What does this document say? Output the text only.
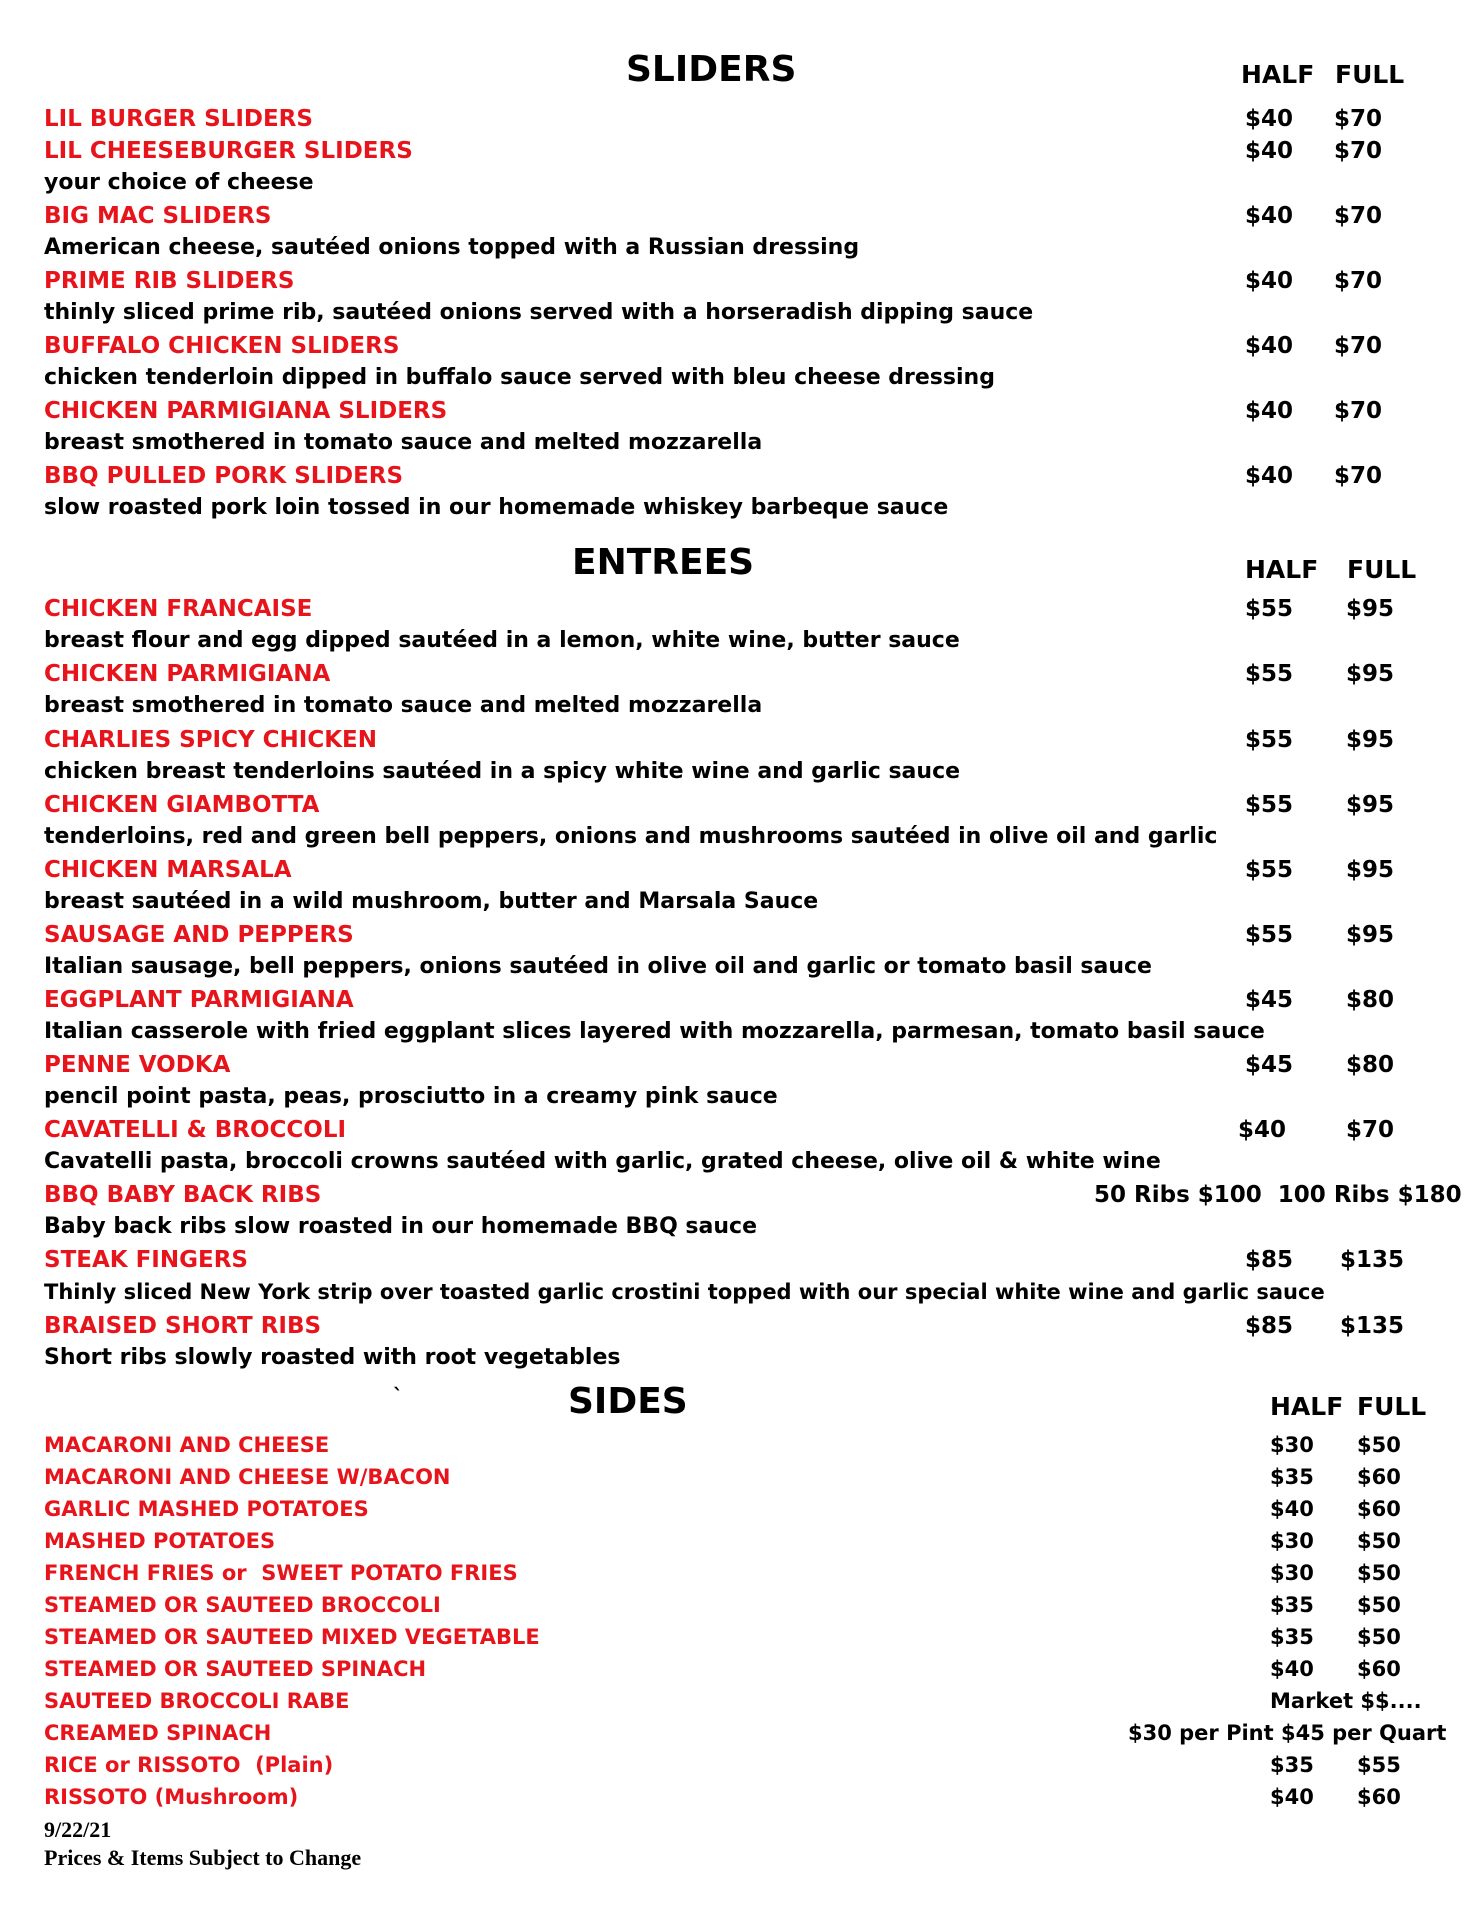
SLIDERS	HALF FULL
LIL BURGER SLIDERS	$40 $70
LIL CHEESEBURGER SLIDERS	$40 $70
your choice of cheese
BIG MAC SLIDERS	$40 $70
American cheese, sautéed onions topped with a Russian dressing
PRIME RIB SLIDERS	$40 $70
thinly sliced prime rib, sautéed onions served with a horseradish dipping sauce
BUFFALO CHICKEN SLIDERS	$40 $70
chicken tenderloin dipped in buffalo sauce served with bleu cheese dressing
CHICKEN PARMIGIANA SLIDERS	$40 $70
breast smothered in tomato sauce and melted mozzarella
BBQ PULLED PORK SLIDERS	$40 $70
slow roasted pork loin tossed in our homemade whiskey barbeque sauce
ENTREES	HALF FULL
CHICKEN FRANCAISE	$55 $95
breast flour and egg dipped sautéed in a lemon, white wine, butter sauce
CHICKEN PARMIGIANA	$55 $95
breast smothered in tomato sauce and melted mozzarella
CHARLIES SPICY CHICKEN	$55 $95
chicken breast tenderloins sautéed in a spicy white wine and garlic sauce
CHICKEN GIAMBOTTA	$55 $95
tenderloins, red and green bell peppers, onions and mushrooms sautéed in olive oil and garlic
CHICKEN MARSALA	$55 $95
breast sautéed in a wild mushroom, butter and Marsala Sauce
SAUSAGE AND PEPPERS	$55 $95
Italian sausage, bell peppers, onions sautéed in olive oil and garlic or tomato basil sauce
EGGPLANT PARMIGIANA	$45 $80
Italian casserole with fried eggplant slices layered with mozzarella, parmesan, tomato basil sauce
PENNE VODKA	$45 $80
pencil point pasta, peas, prosciutto in a creamy pink sauce
CAVATELLI & BROCCOLI	$40	$70
Cavatelli pasta, broccoli crowns sautéed with garlic, grated cheese, olive oil & white wine
BBQ BABY BACK RIBS	50 Ribs $100  100 Ribs $180
Baby back ribs slow roasted in our homemade BBQ sauce
STEAK FINGERS	$85 $135
Thinly sliced New York strip over toasted garlic crostini topped with our special white wine and garlic sauce
BRAISED SHORT RIBS	$85 $135
Short ribs slowly roasted with root vegetables
`	SIDES	HALF FULL
MACARONI AND CHEESE	$30 $50
MACARONI AND CHEESE W/BACON	$35 $60
GARLIC MASHED POTATOES	$40 $60
MASHED POTATOES	$30 $50
FRENCH FRIES or  SWEET POTATO FRIES	$30 $50
STEAMED OR SAUTEED BROCCOLI	$35 $50
STEAMED OR SAUTEED MIXED VEGETABLE	$35 $50
STEAMED OR SAUTEED SPINACH	$40 $60
SAUTEED BROCCOLI RABE	Market $$....
CREAMED SPINACH	$30 per Pint $45 per Quart
RICE or RISSOTO  (Plain)	$35 $55
RISSOTO (Mushroom)	$40 $60
9/22/21
Prices & Items Subject to Change
